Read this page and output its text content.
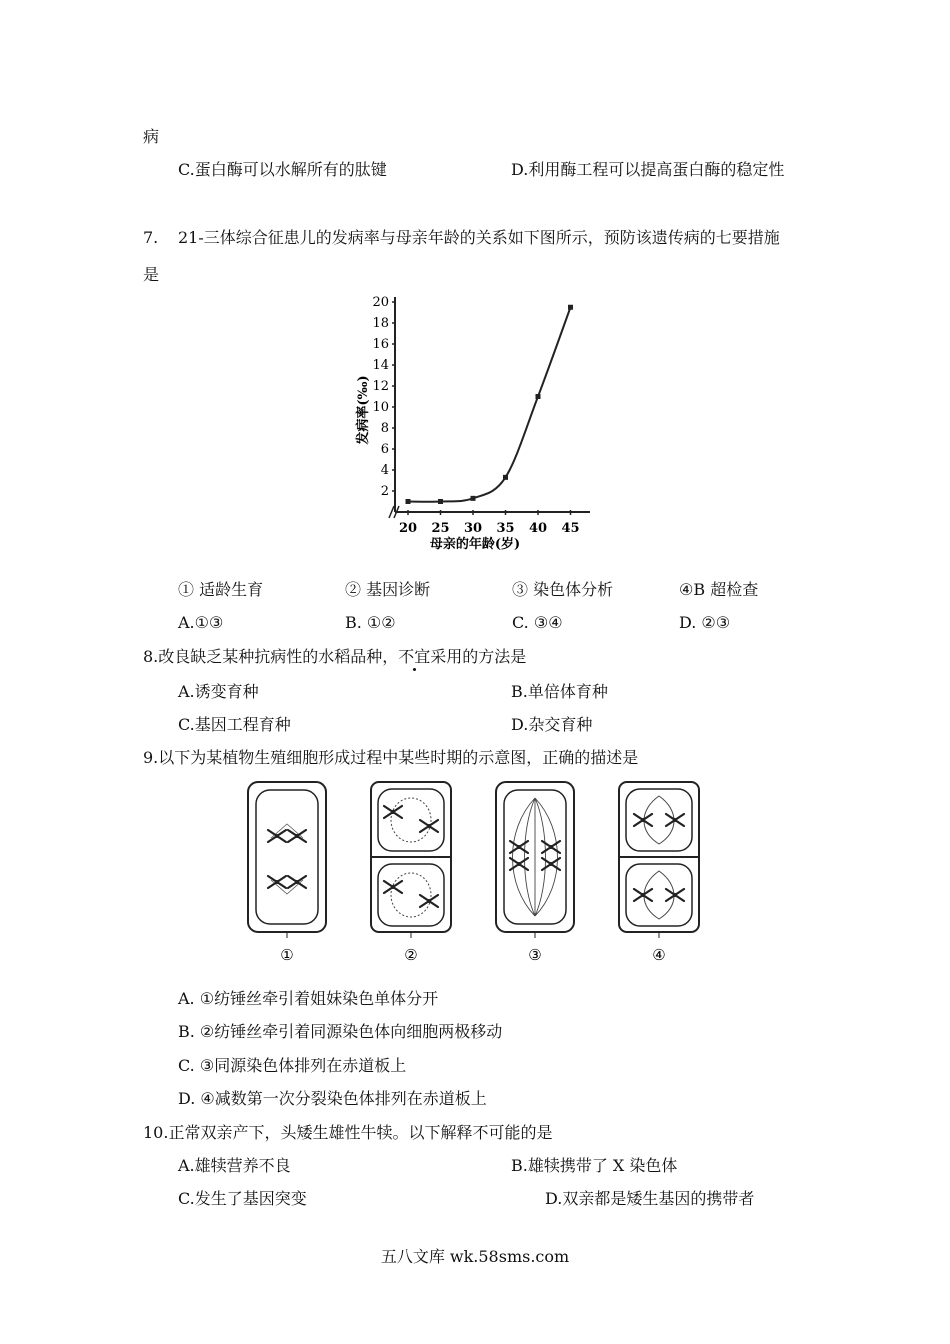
病
C.蛋白酶可以水解所有的肽键	D.利用酶工程可以提高蛋白酶的稳定性
7. 21-三体综合征患儿的发病率与母亲年龄的关系如下图所示，预防该遗传病的七要措施
是
2
4
6
8
10
12
14
16
18
20
20 25 30 35 40 45
母亲的年龄(岁)
发病率(‰)
① 适龄生育	② 基因诊断	③ 染色体分析	④B 超检查
A.①③	B. ①②	C. ③④	D. ②③
8.改良缺乏某种抗病性的水稻品种，不宜采用的方法是
A.诱变育种	B.单倍体育种
C.基因工程育种	D.杂交育种
9.以下为某植物生殖细胞形成过程中某些时期的示意图，正确的描述是
①	②	③	④
A. ①纺锤丝牵引着姐妹染色单体分开
B. ②纺锤丝牵引着同源染色体向细胞两极移动
C. ③同源染色体排列在赤道板上
D. ④减数第一次分裂染色体排列在赤道板上
10.正常双亲产下，头矮生雄性牛犊。以下解释不可能的是
A.雄犊营养不良	B.雄犊携带了 X 染色体
C.发生了基因突变	D.双亲都是矮生基因的携带者
五八文库 wk.58sms.com
